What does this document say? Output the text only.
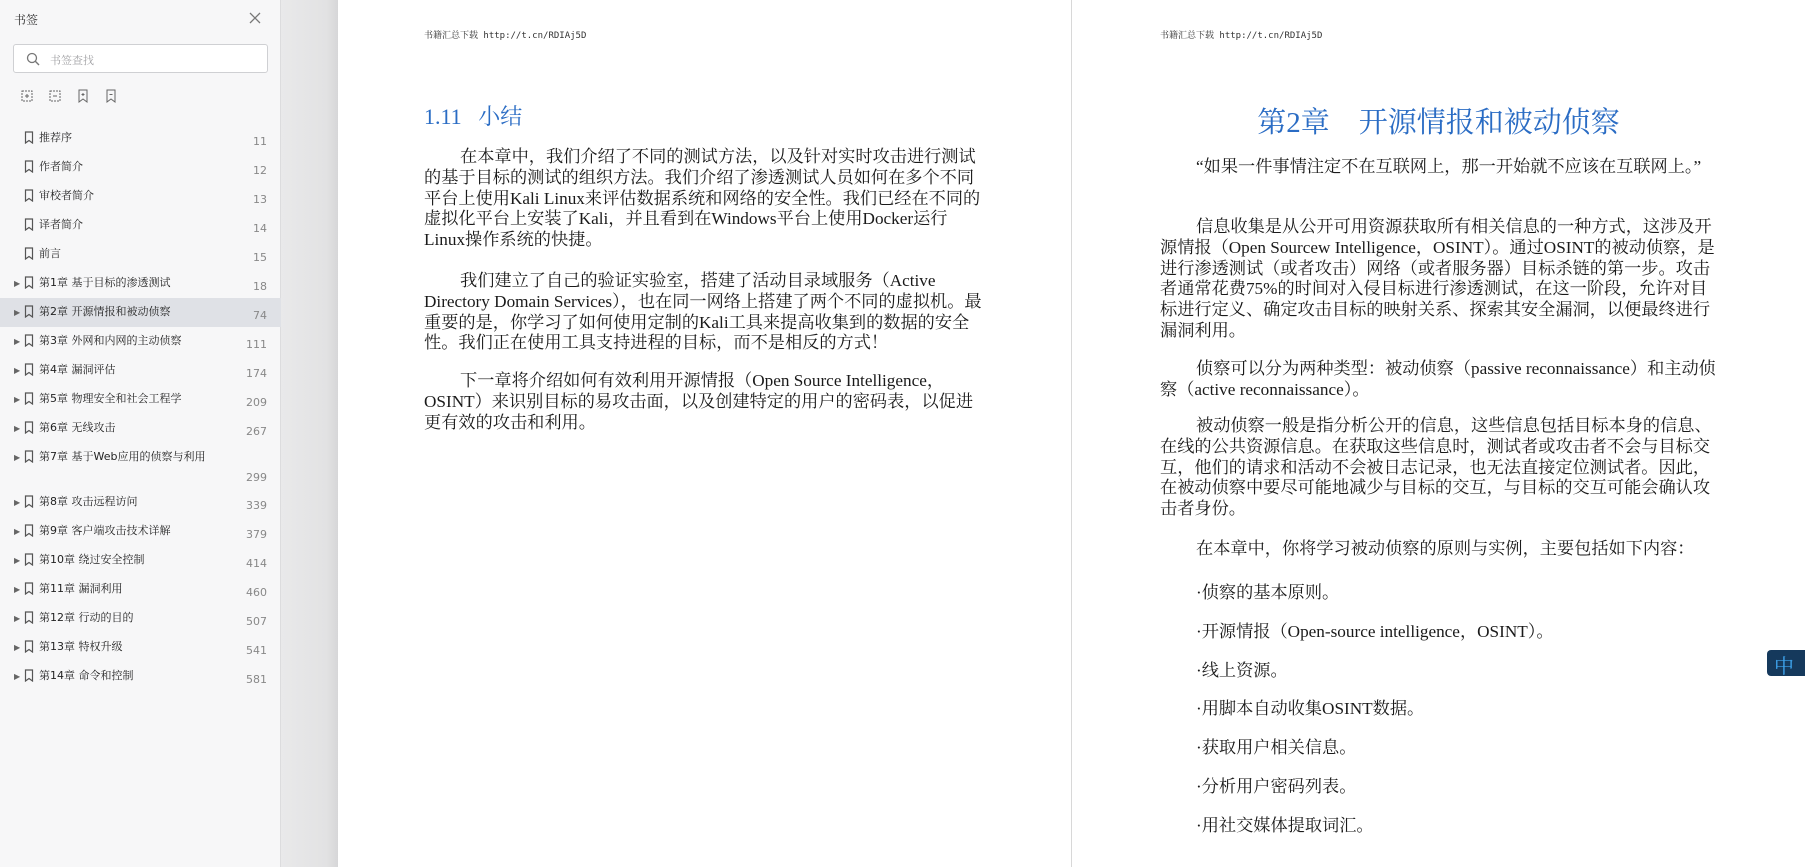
书签
书签查找
推荐序	11
作者简介	12
审校者简介	13
译者简介	14
前言	15
▶ 第1章 基于目标的渗透测试	18
▶ 第2章 开源情报和被动侦察	74
▶ 第3章 外网和内网的主动侦察	111
▶ 第4章 漏洞评估	174
▶ 第5章 物理安全和社会工程学	209
▶ 第6章 无线攻击	267
▶ 第7章 基于Web应用的侦察与利用
299
▶ 第8章 攻击远程访问	339
▶ 第9章 客户端攻击技术详解	379
▶ 第10章 绕过安全控制	414
▶ 第11章 漏洞利用	460
▶ 第12章 行动的目的	507
▶ 第13章 特权升级	541
▶ 第14章 命令和控制	581
书籍汇总下载 http://t.cn/RDIAj5D
1.11 小结

在本章中，我们介绍了不同的测试方法，以及针对实时攻击进行测试的基于目标的测试的组织方法。我们介绍了渗透测试人员如何在多个不同平台上使用Kali Linux来评估数据系统和网络的安全性。我们已经在不同的虚拟化平台上安装了Kali，并且看到在Windows平台上使用Docker运行Linux操作系统的快捷。

我们建立了自己的验证实验室，搭建了活动目录域服务（Active Directory Domain Services），也在同一网络上搭建了两个不同的虚拟机。最重要的是，你学习了如何使用定制的Kali工具来提高收集到的数据的安全性。我们正在使用工具支持进程的目标，而不是相反的方式！

下一章将介绍如何有效利用开源情报（Open Source Intelligence，OSINT）来识别目标的易攻击面，以及创建特定的用户的密码表，以促进更有效的攻击和利用。

书籍汇总下载 http://t.cn/RDIAj5D
第2章　开源情报和被动侦察

“如果一件事情注定不在互联网上，那一开始就不应该在互联网上。”

信息收集是从公开可用资源获取所有相关信息的一种方式，这涉及开源情报（Open Sourcew Intelligence，OSINT）。通过OSINT的被动侦察，是进行渗透测试（或者攻击）网络（或者服务器）目标杀链的第一步。攻击者通常花费75%的时间对入侵目标进行渗透测试，在这一阶段，允许对目标进行定义、确定攻击目标的映射关系、探索其安全漏洞，以便最终进行漏洞利用。

侦察可以分为两种类型：被动侦察（passive reconnaissance）和主动侦察（active reconnaissance）。

被动侦察一般是指分析公开的信息，这些信息包括目标本身的信息、在线的公共资源信息。在获取这些信息时，测试者或攻击者不会与目标交互，他们的请求和活动不会被日志记录，也无法直接定位测试者。因此，在被动侦察中要尽可能地减少与目标的交互，与目标的交互可能会确认攻击者身份。

在本章中，你将学习被动侦察的原则与实例，主要包括如下内容：

·侦察的基本原则。
·开源情报（Open-source intelligence，OSINT）。
·线上资源。
·用脚本自动收集OSINT数据。
·获取用户相关信息。
·分析用户密码列表。
·用社交媒体提取词汇。
中
